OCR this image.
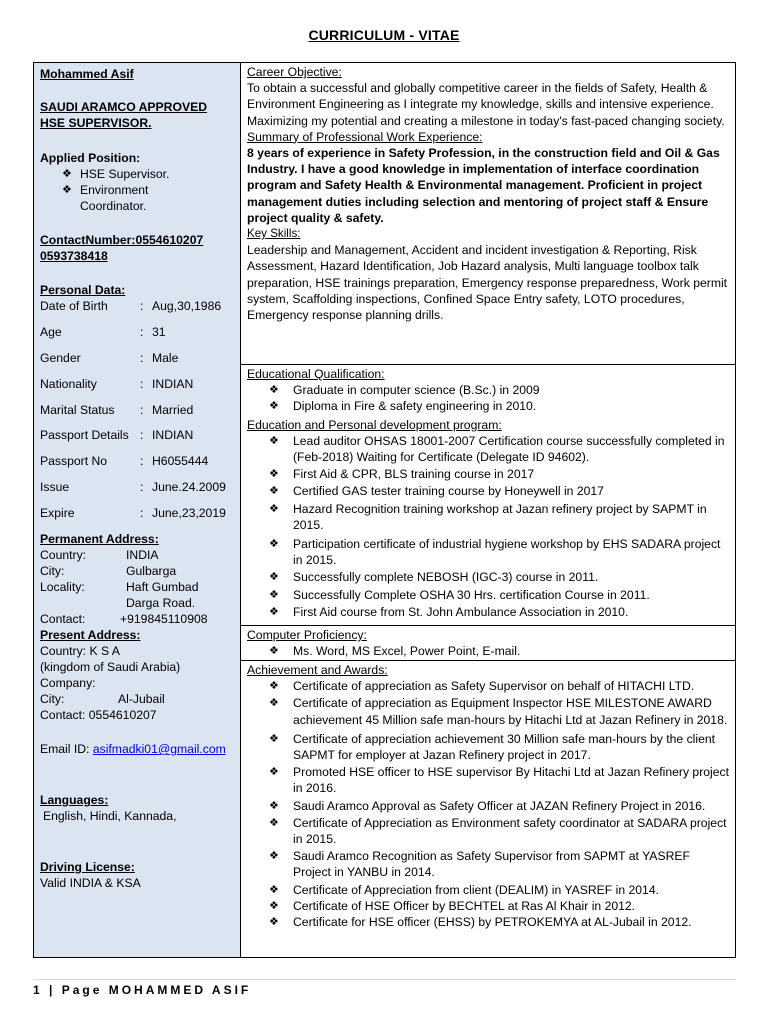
CURRICULUM - VITAE
Mohammed Asif
SAUDI ARAMCO APPROVED HSE SUPERVISOR.
Applied Position:
❖ HSE Supervisor.
❖ Environment Coordinator.
ContactNumber:0554610207
0593738418
Personal Data:
Date of Birth	: Aug,30,1986
Age	: 31
Gender	: Male
Nationality	: INDIAN
Marital Status	: Married
Passport Details : INDIAN
Passport No	: H6055444
Issue	: June.24.2009
Expire	: June,23,2019
Permanent Address:
Country:	INDIA
City:	Gulbarga
Locality:	Haft Gumbad
Darga Road.
Contact:	+919845110908
Present Address:
Country: K S A
(kingdom of Saudi Arabia)
Company:
City:	Al-Jubail
Contact: 0554610207
Email ID: asifmadki01@gmail.com
Languages:
English, Hindi, Kannada,
Driving License:
Valid INDIA & KSA
Career Objective:

To obtain a successful and globally competitive career in the fields of Safety, Health & Environment Engineering as I integrate my knowledge, skills and intensive experience. Maximizing my potential and creating a milestone in today's fast-paced changing society.

Summary of Professional Work Experience:

8 years of experience in Safety Profession, in the construction field and Oil & Gas Industry. I have a good knowledge in implementation of interface coordination program and Safety Health & Environmental management. Proficient in project management duties including selection and mentoring of project staff & Ensure project quality & safety.

Key Skills:

Leadership and Management, Accident and incident investigation & Reporting, Risk Assessment, Hazard Identification, Job Hazard analysis, Multi language toolbox talk preparation, HSE trainings preparation, Emergency response preparedness, Work permit system, Scaffolding inspections, Confined Space Entry safety, LOTO procedures, Emergency response planning drills.

Educational Qualification:
❖ Graduate in computer science (B.Sc.) in 2009
❖ Diploma in Fire & safety engineering in 2010.
Education and Personal development program:
❖ Lead auditor OHSAS 18001-2007 Certification course successfully completed in (Feb-2018) Waiting for Certificate (Delegate ID 94602).
❖ First Aid & CPR, BLS training course in 2017
❖ Certified GAS tester training course by Honeywell in 2017
❖ Hazard Recognition training workshop at Jazan refinery project by SAPMT in 2015.
❖ Participation certificate of industrial hygiene workshop by EHS SADARA project in 2015.
❖ Successfully complete NEBOSH (IGC-3) course in 2011.
❖ Successfully Complete OSHA 30 Hrs. certification Course in 2011.
❖ First Aid course from St. John Ambulance Association in 2010.
Computer Proficiency:
❖ Ms. Word, MS Excel, Power Point, E-mail.
Achievement and Awards:
❖ Certificate of appreciation as Safety Supervisor on behalf of HITACHI LTD.
❖ Certificate of appreciation as Equipment Inspector HSE MILESTONE AWARD achievement 45 Million safe man-hours by Hitachi Ltd at Jazan Refinery in 2018.
❖ Certificate of appreciation achievement 30 Million safe man-hours by the client SAPMT for employer at Jazan Refinery project in 2017.
❖ Promoted HSE officer to HSE supervisor By Hitachi Ltd at Jazan Refinery project in 2016.
❖ Saudi Aramco Approval as Safety Officer at JAZAN Refinery Project in 2016.
❖ Certificate of Appreciation as Environment safety coordinator at SADARA project in 2015.
❖ Saudi Aramco Recognition as Safety Supervisor from SAPMT at YASREF Project in YANBU in 2014.
❖ Certificate of Appreciation from client (DEALIM) in YASREF in 2014.
❖ Certificate of HSE Officer by BECHTEL at Ras Al Khair in 2012.
❖ Certificate for HSE officer (EHSS) by PETROKEMYA at AL-Jubail in 2012.
1 | Page MOHAMMED ASIF
